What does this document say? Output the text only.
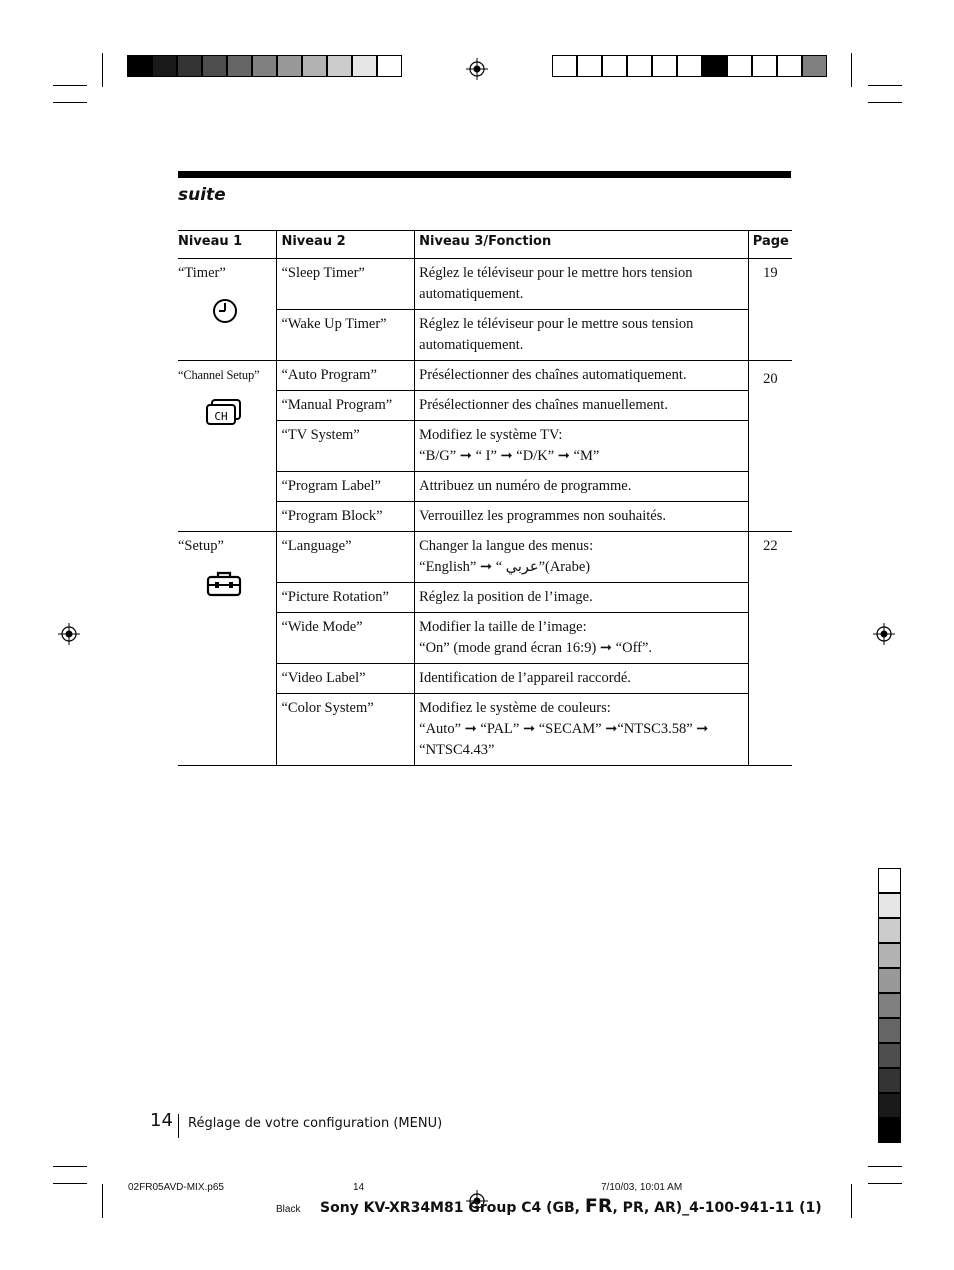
suite
Niveau 1	Niveau 2	Niveau 3/Fonction	Page

“Timer”	“Sleep Timer”	Réglez le téléviseur pour le mettre hors tension automatiquement.	19

	“Wake Up Timer”	Réglez le téléviseur pour le mettre sous tension automatiquement.	

“Channel Setup”
CH	“Auto Program”	Présélectionner des chaînes automatiquement.	20

	“Manual Program”	Présélectionner des chaînes manuellement.	
	“TV System”	Modifiez le système TV:
“B/G” ➞ “ I” ➞ “D/K” ➞ “M”	

	“Program Label”	Attribuez un numéro de programme.	
	“Program Block”	Verrouillez les programmes non souhaités.	

“Setup”	“Language”	Changer la langue des menus:
“English” ➞ “ عربي”(Arabe)	22

	“Picture Rotation”	Réglez la position de l’image.	
	“Wide Mode”	Modifier la taille de l’image:
“On” (mode grand écran 16:9) ➞ “Off”.	

	“Video Label”	Identification de l’appareil raccordé.	
	“Color System”	Modifiez le système de couleurs:
“Auto” ➞ “PAL” ➞ “SECAM” ➞“NTSC3.58” ➞ “NTSC4.43”	
14 Réglage de votre configuration (MENU)
02FR05AVD-MIX.p65	14	7/10/03, 10:01 AM
Black Sony KV-XR34M81 Group C4 (GB, FR, PR, AR)_4-100-941-11 (1)
